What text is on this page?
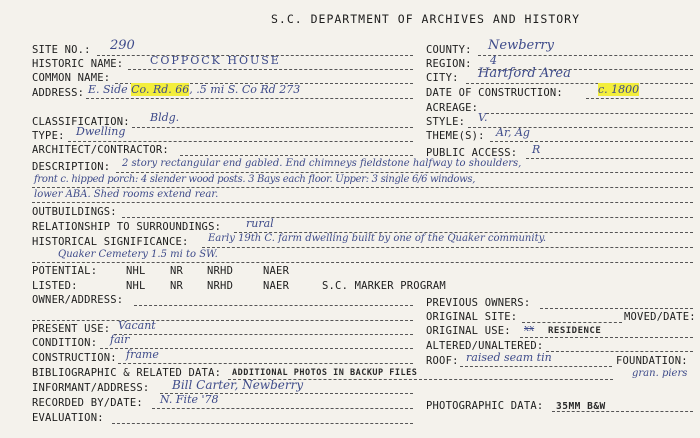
S.C. DEPARTMENT OF ARCHIVES AND HISTORY
SITE NO.: 290
HISTORIC NAME: COPPOCK HOUSE
COMMON NAME:
ADDRESS: E. Side Co. Rd. 66, .5 mi S. Co Rd 273
COUNTY: Newberry
REGION: 4
CITY: Hartford Area
DATE OF CONSTRUCTION:	c. 1800
ACREAGE:
CLASSIFICATION: Bldg.	STYLE: V.
TYPE: Dwelling	THEME(S): Ar, Ag
ARCHITECT/CONTRACTOR:	PUBLIC ACCESS: R
DESCRIPTION: 2 story rectangular end gabled. End chimneys fieldstone halfway to shoulders,
front c. hipped porch: 4 slender wood posts. 3 Bays each floor. Upper: 3 single 6/6 windows,
lower ABA. Shed rooms extend rear.
OUTBUILDINGS:
RELATIONSHIP TO SURROUNDINGS: rural
HISTORICAL SIGNIFICANCE: Early 19th C. farm dwelling built by one of the Quaker community.
Quaker Cemetery 1.5 mi to SW.
POTENTIAL:	NHL NR NRHD	NAER
LISTED:	NHL NR NRHD	NAER	S.C. MARKER PROGRAM
OWNER/ADDRESS:	PREVIOUS OWNERS:
ORIGINAL SITE:	MOVED/DATE:
PRESENT USE: Vacant	ORIGINAL USE: xx RESIDENCE
CONDITION: fair	ALTERED/UNALTERED:
CONSTRUCTION: frame	ROOF: raised seam tin	FOUNDATION:
gran. piers
BIBLIOGRAPHIC & RELATED DATA: ADDITIONAL PHOTOS IN BACKUP FILES
INFORMANT/ADDRESS: Bill Carter, Newberry
RECORDED BY/DATE: N. Fite '78	PHOTOGRAPHIC DATA: 35MM B&W
EVALUATION:
